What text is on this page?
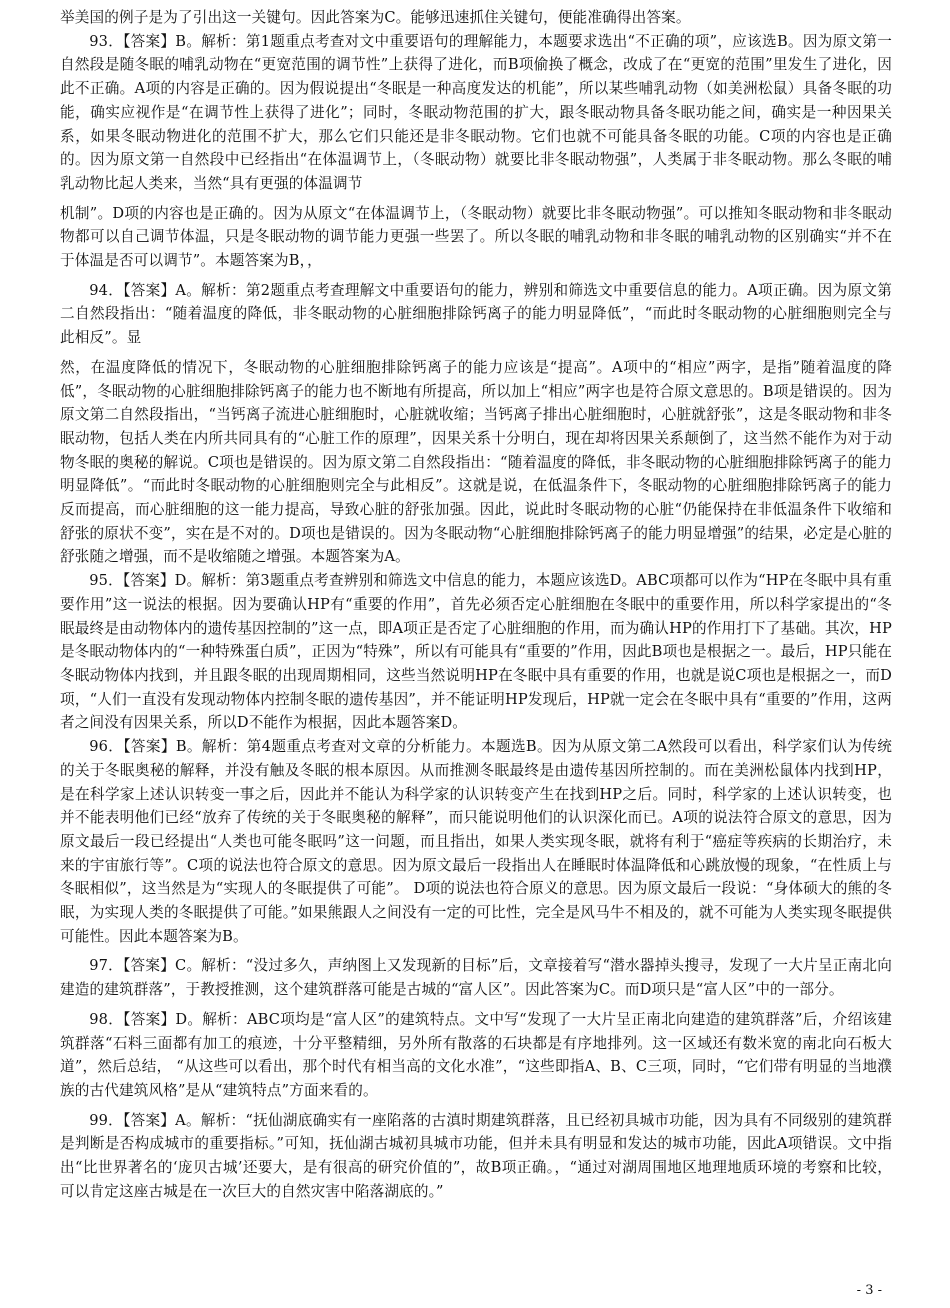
举美国的例子是为了引出这一关键句。因此答案为C。能够迅速抓住关键句，便能准确得出答案。

93．【答案】B。解析：第1题重点考查对文中重要语句的理解能力，本题要求选出“不正确的项”，应该选B。因为原文第一自然段是随冬眠的哺乳动物在“更宽范围的调节性”上获得了进化，而B项偷换了概念，改成了在“更宽的范围”里发生了进化，因此不正确。A项的内容是正确的。因为假说提出“冬眠是一种高度发达的机能”，所以某些哺乳动物（如美洲松鼠）具备冬眠的功能，确实应视作是“在调节性上获得了进化”；同时，冬眠动物范围的扩大，跟冬眠动物具备冬眠功能之间，确实是一种因果关系，如果冬眠动物进化的范围不扩大，那么它们只能还是非冬眠动物。它们也就不可能具备冬眠的功能。C项的内容也是正确的。因为原文第一自然段中已经指出“在体温调节上，（冬眠动物）就要比非冬眠动物强”，人类属于非冬眠动物。那么冬眠的哺乳动物比起人类来，当然“具有更强的体温调节

机制”。D项的内容也是正确的。因为从原文“在体温调节上，（冬眠动物）就要比非冬眠动物强”。可以推知冬眠动物和非冬眠动物都可以自己调节体温，只是冬眠动物的调节能力更强一些罢了。所以冬眠的哺乳动物和非冬眠的哺乳动物的区别确实“并不在于体温是否可以调节”。本题答案为B，，

94．【答案】A。解析：第2题重点考查理解文中重要语句的能力，辨别和筛选文中重要信息的能力。A项正确。因为原文第二自然段指出：“随着温度的降低，非冬眠动物的心脏细胞排除钙离子的能力明显降低”，“而此时冬眠动物的心脏细胞则完全与此相反”。显

然，在温度降低的情况下，冬眠动物的心脏细胞排除钙离子的能力应该是“提高”。A项中的“相应”两字，是指”随着温度的降低”，冬眠动物的心脏细胞排除钙离子的能力也不断地有所提高，所以加上“相应”两字也是符合原文意思的。B项是错误的。因为原文第二自然段指出，“当钙离子流进心脏细胞时，心脏就收缩；当钙离子排出心脏细胞时，心脏就舒张”，这是冬眠动物和非冬眠动物，包括人类在内所共同具有的“心脏工作的原理”，因果关系十分明白，现在却将因果关系颠倒了，这当然不能作为对于动物冬眠的奥秘的解说。C项也是错误的。因为原文第二自然段指出：“随着温度的降低，非冬眠动物的心脏细胞排除钙离子的能力明显降低”。“而此时冬眠动物的心脏细胞则完全与此相反”。这就是说，在低温条件下，冬眠动物的心脏细胞排除钙离子的能力反而提高，而心脏细胞的这一能力提高，导致心脏的舒张加强。因此，说此时冬眠动物的心脏“仍能保持在非低温条件下收缩和舒张的原状不变”，实在是不对的。D项也是错误的。因为冬眠动物“心脏细胞排除钙离子的能力明显增强”的结果，必定是心脏的舒张随之增强，而不是收缩随之增强。本题答案为A。

95．【答案】D。解析：第3题重点考查辨别和筛选文中信息的能力，本题应该选D。ABC项都可以作为“HP在冬眠中具有重要作用”这一说法的根据。因为要确认HP有“重要的作用”，首先必须否定心脏细胞在冬眠中的重要作用，所以科学家提出的“冬眠最终是由动物体内的遗传基因控制的”这一点，即A项正是否定了心脏细胞的作用，而为确认HP的作用打下了基础。其次，HP是冬眠动物体内的“一种特殊蛋白质”，正因为“特殊”，所以有可能具有“重要的”作用，因此B项也是根据之一。最后，HP只能在冬眠动物体内找到，并且跟冬眠的出现周期相同，这些当然说明HP在冬眠中具有重要的作用，也就是说C项也是根据之一，而D项，“人们一直没有发现动物体内控制冬眠的遗传基因”，并不能证明HP发现后，HP就一定会在冬眠中具有“重要的”作用，这两者之间没有因果关系，所以D不能作为根据，因此本题答案D。

96．【答案】B。解析：第4题重点考查对文章的分析能力。本题选B。因为从原文第二A然段可以看出，科学家们认为传统的关于冬眠奥秘的解释，并没有触及冬眠的根本原因。从而推测冬眠最终是由遗传基因所控制的。而在美洲松鼠体内找到HP，是在科学家上述认识转变一事之后，因此并不能认为科学家的认识转变产生在找到HP之后。同时，科学家的上述认识转变，也并不能表明他们已经“放弃了传统的关于冬眠奥秘的解释”，而只能说明他们的认识深化而已。A项的说法符合原文的意思，因为原文最后一段已经提出“人类也可能冬眠吗”这一问题，而且指出，如果人类实现冬眠，就将有利于“癌症等疾病的长期治疗，未来的宇宙旅行等”。C项的说法也符合原文的意思。因为原文最后一段指出人在睡眠时体温降低和心跳放慢的现象，“在性质上与冬眠相似”，这当然是为“实现人的冬眠提供了可能”。 D项的说法也符合原义的意思。因为原文最后一段说：“身体硕大的熊的冬眠，为实现人类的冬眠提供了可能。”如果熊跟人之间没有一定的可比性，完全是风马牛不相及的，就不可能为人类实现冬眠提供可能性。因此本题答案为B。

97．【答案】C。解析：“没过多久，声纳图上又发现新的目标”后，文章接着写“潜水器掉头搜寻，发现了一大片呈正南北向建造的建筑群落”，于教授推测，这个建筑群落可能是古城的“富人区”。因此答案为C。而D项只是“富人区”中的一部分。

98．【答案】D。解析：ABC项均是“富人区”的建筑特点。文中写“发现了一大片呈正南北向建造的建筑群落”后，介绍该建筑群落“石料三面都有加工的痕迹，十分平整精细，另外所有散落的石块都是有序地排列。这一区域还有数米宽的南北向石板大道”，然后总结， “从这些可以看出，那个时代有相当高的文化水准”，“这些即指A、B、C三项，同时，“它们带有明显的当地濮族的古代建筑风格”是从“建筑特点”方面来看的。

99．【答案】A。解析：“抚仙湖底确实有一座陷落的古滇时期建筑群落，且已经初具城市功能，因为具有不同级别的建筑群是判断是否构成城市的重要指标。”可知，抚仙湖古城初具城市功能，但并未具有明显和发达的城市功能，因此A项错误。文中指出“比世界著名的‘庞贝古城’还要大，是有很高的研究价值的”，故B项正确。，“通过对湖周围地区地理地质环境的考察和比较，可以肯定这座古城是在一次巨大的自然灾害中陷落湖底的。”

- 3 -
